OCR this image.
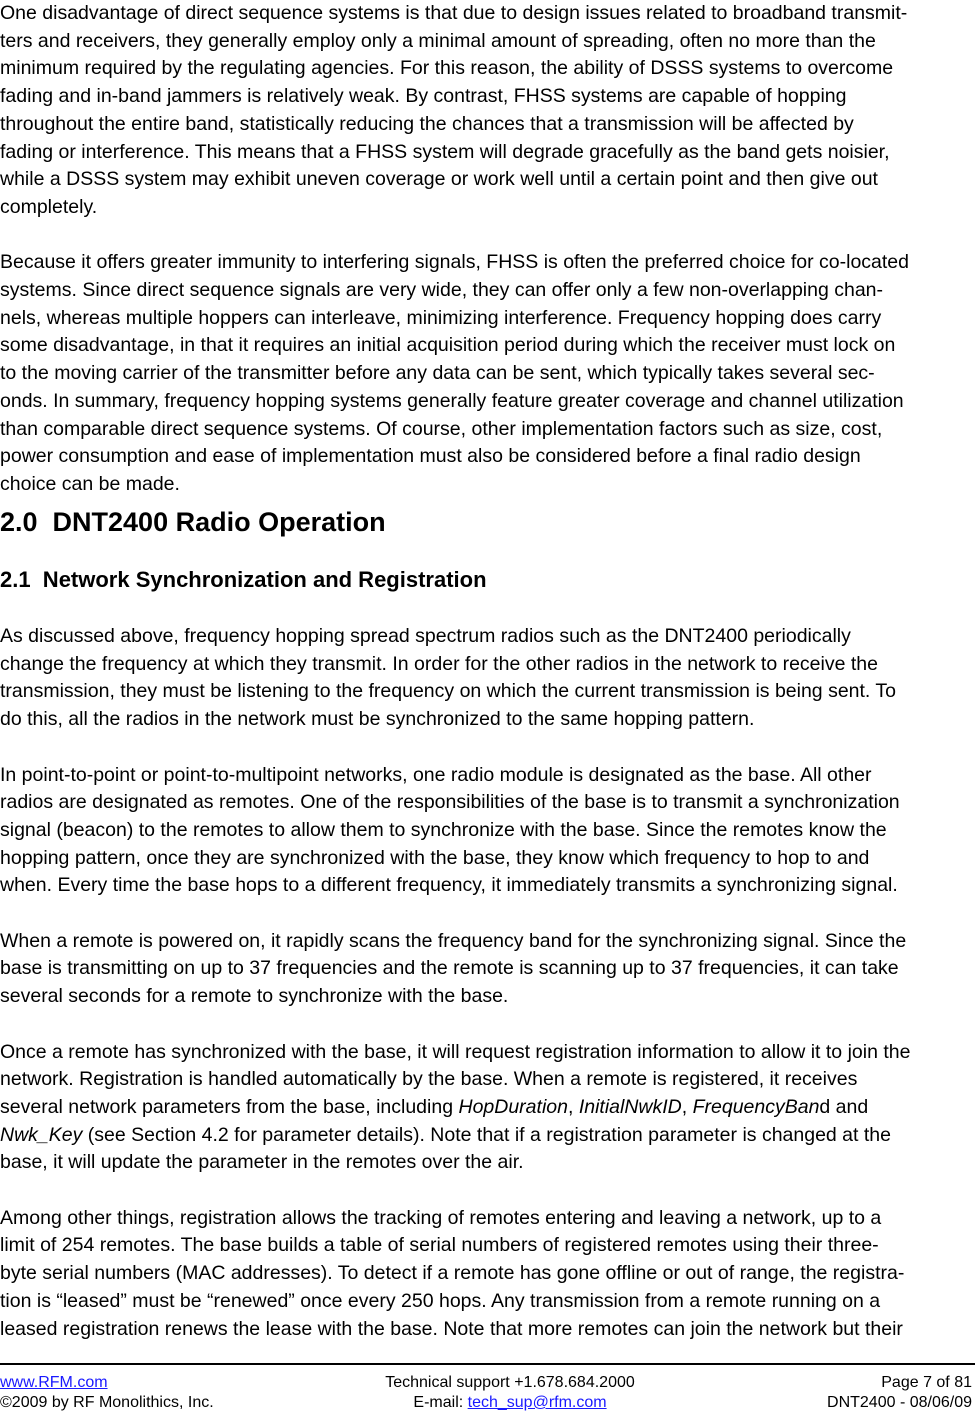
One disadvantage of direct sequence systems is that due to design issues related to broadband transmit-
ters and receivers, they generally employ only a minimal amount of spreading, often no more than the
minimum required by the regulating agencies. For this reason, the ability of DSSS systems to overcome
fading and in-band jammers is relatively weak. By contrast, FHSS systems are capable of hopping
throughout the entire band, statistically reducing the chances that a transmission will be affected by
fading or interference. This means that a FHSS system will degrade gracefully as the band gets noisier,
while a DSSS system may exhibit uneven coverage or work well until a certain point and then give out
completely.
Because it offers greater immunity to interfering signals, FHSS is often the preferred choice for co-located
systems. Since direct sequence signals are very wide, they can offer only a few non-overlapping chan-
nels, whereas multiple hoppers can interleave, minimizing interference. Frequency hopping does carry
some disadvantage, in that it requires an initial acquisition period during which the receiver must lock on
to the moving carrier of the transmitter before any data can be sent, which typically takes several sec-
onds. In summary, frequency hopping systems generally feature greater coverage and channel utilization
than comparable direct sequence systems. Of course, other implementation factors such as size, cost,
power consumption and ease of implementation must also be considered before a final radio design
choice can be made.
2.0  DNT2400 Radio Operation
2.1  Network Synchronization and Registration
As discussed above, frequency hopping spread spectrum radios such as the DNT2400 periodically
change the frequency at which they transmit. In order for the other radios in the network to receive the
transmission, they must be listening to the frequency on which the current transmission is being sent. To
do this, all the radios in the network must be synchronized to the same hopping pattern.
In point-to-point or point-to-multipoint networks, one radio module is designated as the base. All other
radios are designated as remotes. One of the responsibilities of the base is to transmit a synchronization
signal (beacon) to the remotes to allow them to synchronize with the base. Since the remotes know the
hopping pattern, once they are synchronized with the base, they know which frequency to hop to and
when. Every time the base hops to a different frequency, it immediately transmits a synchronizing signal.
When a remote is powered on, it rapidly scans the frequency band for the synchronizing signal. Since the
base is transmitting on up to 37 frequencies and the remote is scanning up to 37 frequencies, it can take
several seconds for a remote to synchronize with the base.
Once a remote has synchronized with the base, it will request registration information to allow it to join the
network. Registration is handled automatically by the base. When a remote is registered, it receives
several network parameters from the base, including HopDuration, InitialNwkID, FrequencyBand and
Nwk_Key (see Section 4.2 for parameter details). Note that if a registration parameter is changed at the
base, it will update the parameter in the remotes over the air.
Among other things, registration allows the tracking of remotes entering and leaving a network, up to a
limit of 254 remotes. The base builds a table of serial numbers of registered remotes using their three-
byte serial numbers (MAC addresses). To detect if a remote has gone offline or out of range, the registra-
tion is “leased” must be “renewed” once every 250 hops. Any transmission from a remote running on a
leased registration renews the lease with the base. Note that more remotes can join the network but their
www.RFM.com
©2009 by RF Monolithics, Inc.
Technical support +1.678.684.2000
E-mail: tech_sup@rfm.com
Page 7 of 81
DNT2400 - 08/06/09
